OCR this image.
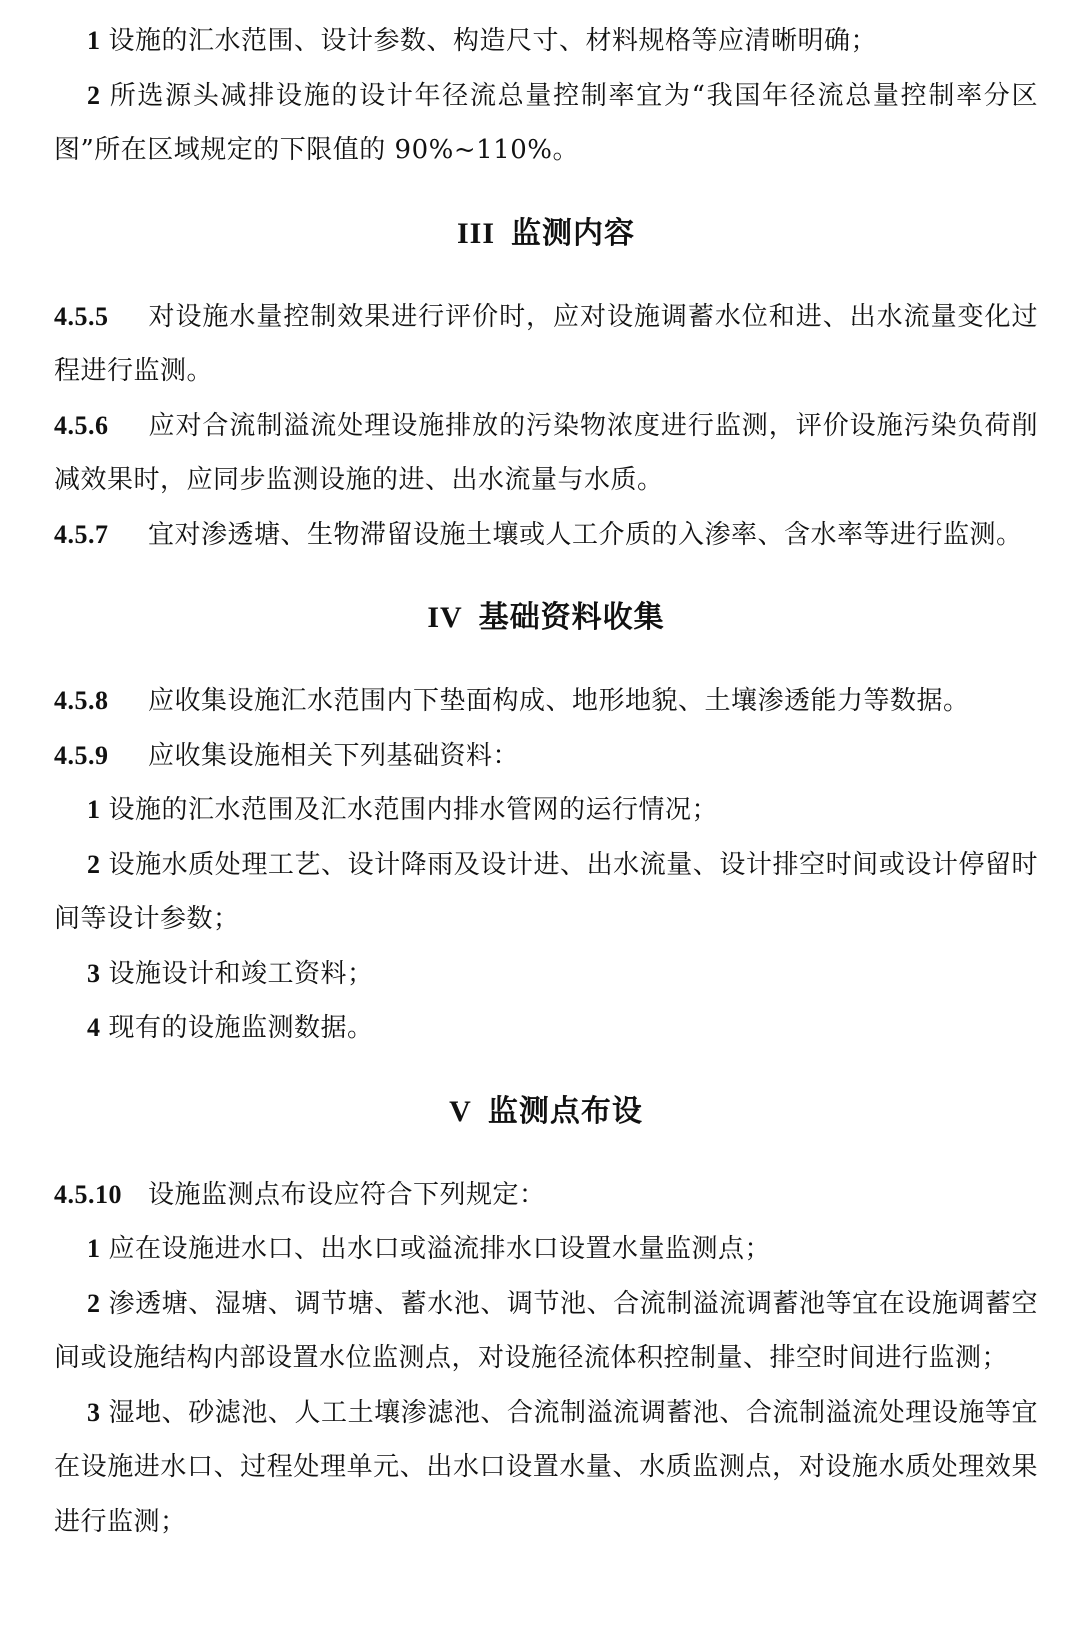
1 设施的汇水范围、设计参数、构造尺寸、材料规格等应清晰明确；

2 所选源头减排设施的设计年径流总量控制率宜为“我国年径流总量控制率分区图”所在区域规定的下限值的 90%~110%。

III 监测内容

4.5.5 对设施水量控制效果进行评价时，应对设施调蓄水位和进、出水流量变化过程进行监测。

4.5.6 应对合流制溢流处理设施排放的污染物浓度进行监测，评价设施污染负荷削减效果时，应同步监测设施的进、出水流量与水质。

4.5.7 宜对渗透塘、生物滞留设施土壤或人工介质的入渗率、含水率等进行监测。

IV 基础资料收集

4.5.8 应收集设施汇水范围内下垫面构成、地形地貌、土壤渗透能力等数据。

4.5.9 应收集设施相关下列基础资料：

1 设施的汇水范围及汇水范围内排水管网的运行情况；

2 设施水质处理工艺、设计降雨及设计进、出水流量、设计排空时间或设计停留时间等设计参数；

3 设施设计和竣工资料；

4 现有的设施监测数据。

V 监测点布设

4.5.10 设施监测点布设应符合下列规定：

1 应在设施进水口、出水口或溢流排水口设置水量监测点；

2 渗透塘、湿塘、调节塘、蓄水池、调节池、合流制溢流调蓄池等宜在设施调蓄空间或设施结构内部设置水位监测点，对设施径流体积控制量、排空时间进行监测；

3 湿地、砂滤池、人工土壤渗滤池、合流制溢流调蓄池、合流制溢流处理设施等宜在设施进水口、过程处理单元、出水口设置水量、水质监测点，对设施水质处理效果进行监测；
